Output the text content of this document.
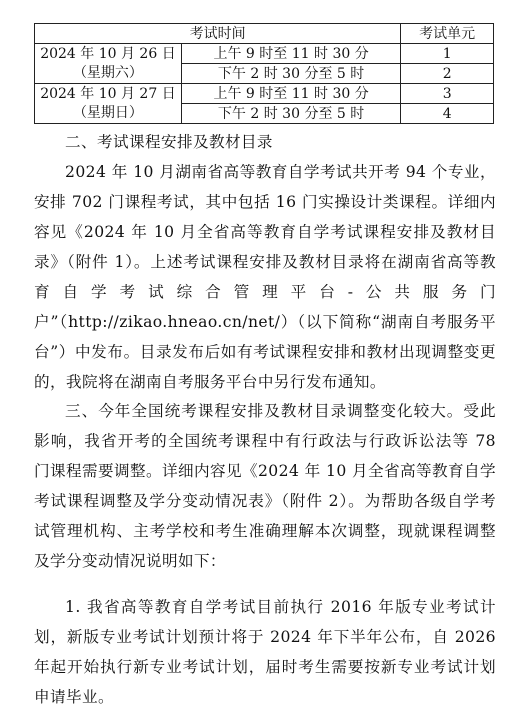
考试时间		考试单元

2024 年 10 月 26 日
（星期六）	上午 9 时至 11 时 30 分	1
	下午 2 时 30 分至 5 时	2

2024 年 10 月 27 日
（星期日）	上午 9 时至 11 时 30 分	3
	下午 2 时 30 分至 5 时	4

二、考试课程安排及教材目录

2024 年 10 月湖南省高等教育自学考试共开考 94 个专业，安排 702 门课程考试，其中包括 16 门实操设计类课程。详细内容见《2024 年 10 月全省高等教育自学考试课程安排及教材目录》（附件 1）。上述考试课程安排及教材目录将在湖南省高等教育自学考试综合管理平台-公共服务门户”（http://zikao.hneao.cn/net/）（以下简称“湖南自考服务平台”）中发布。目录发布后如有考试课程安排和教材出现调整变更的，我院将在湖南自考服务平台中另行发布通知。

三、今年全国统考课程安排及教材目录调整变化较大。受此影响，我省开考的全国统考课程中有行政法与行政诉讼法等 78 门课程需要调整。详细内容见《2024 年 10 月全省高等教育自学考试课程调整及学分变动情况表》（附件 2）。为帮助各级自学考试管理机构、主考学校和考生准确理解本次调整，现就课程调整及学分变动情况说明如下：

1. 我省高等教育自学考试目前执行 2016 年版专业考试计划，新版专业考试计划预计将于 2024 年下半年公布，自 2026 年起开始执行新专业考试计划，届时考生需要按新专业考试计划申请毕业。
